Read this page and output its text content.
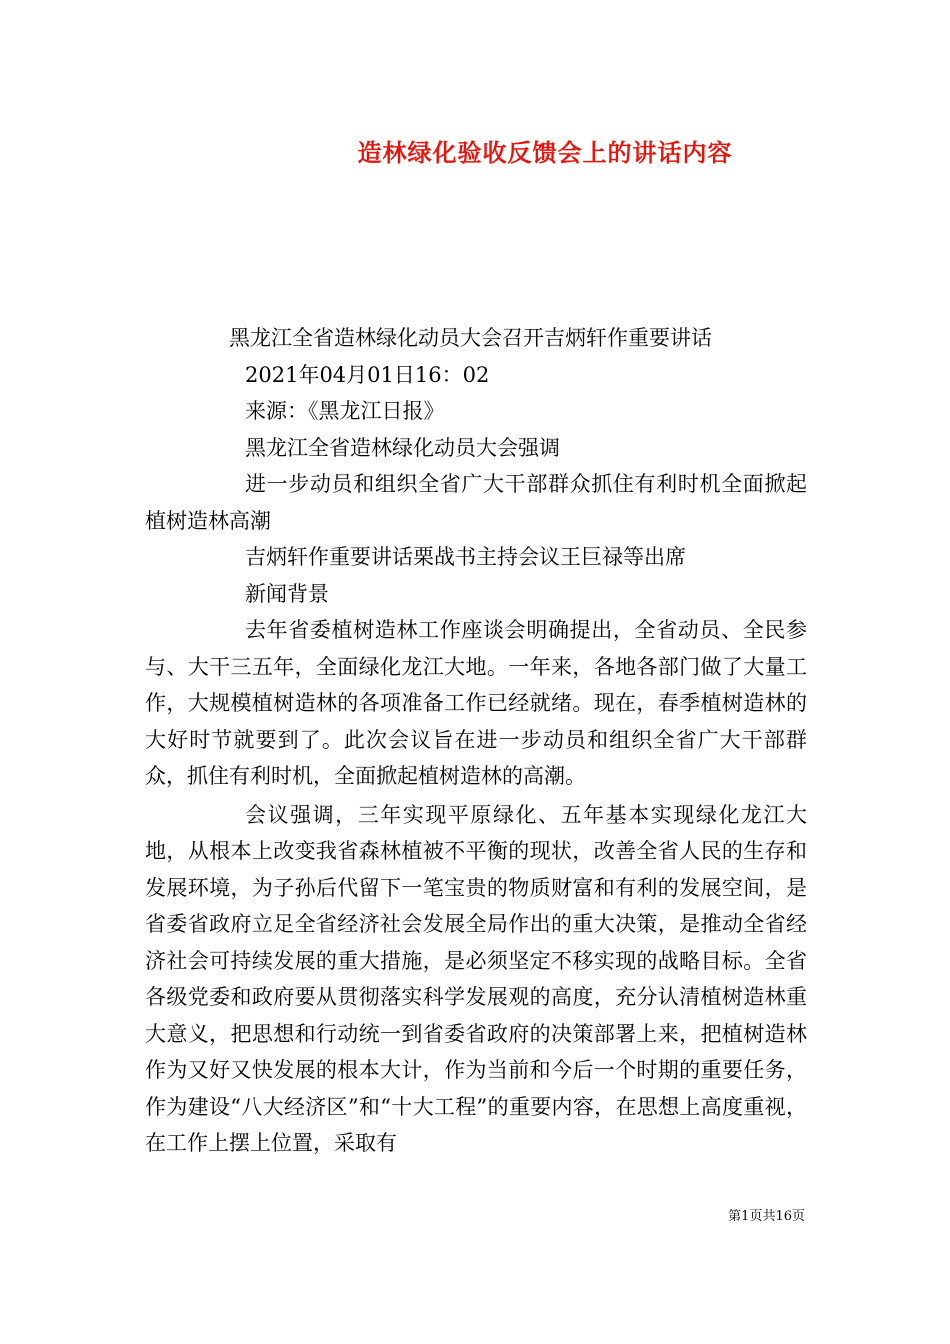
造林绿化验收反馈会上的讲话内容

黑龙江全省造林绿化动员大会召开吉炳轩作重要讲话

2021年04月01日16：02

来源：《黑龙江日报》

黑龙江全省造林绿化动员大会强调

进一步动员和组织全省广大干部群众抓住有利时机全面掀起植树造林高潮

吉炳轩作重要讲话栗战书主持会议王巨禄等出席

新闻背景

去年省委植树造林工作座谈会明确提出，全省动员、全民参与、大干三五年，全面绿化龙江大地。一年来，各地各部门做了大量工作，大规模植树造林的各项准备工作已经就绪。现在，春季植树造林的大好时节就要到了。此次会议旨在进一步动员和组织全省广大干部群众，抓住有利时机，全面掀起植树造林的高潮。

会议强调，三年实现平原绿化、五年基本实现绿化龙江大地，从根本上改变我省森林植被不平衡的现状，改善全省人民的生存和发展环境，为子孙后代留下一笔宝贵的物质财富和有利的发展空间，是省委省政府立足全省经济社会发展全局作出的重大决策，是推动全省经济社会可持续发展的重大措施，是必须坚定不移实现的战略目标。全省各级党委和政府要从贯彻落实科学发展观的高度，充分认清植树造林重大意义，把思想和行动统一到省委省政府的决策部署上来，把植树造林作为又好又快发展的根本大计，作为当前和今后一个时期的重要任务，作为建设“八大经济区”和“十大工程”的重要内容，在思想上高度重视，在工作上摆上位置，采取有

第1页共16页
